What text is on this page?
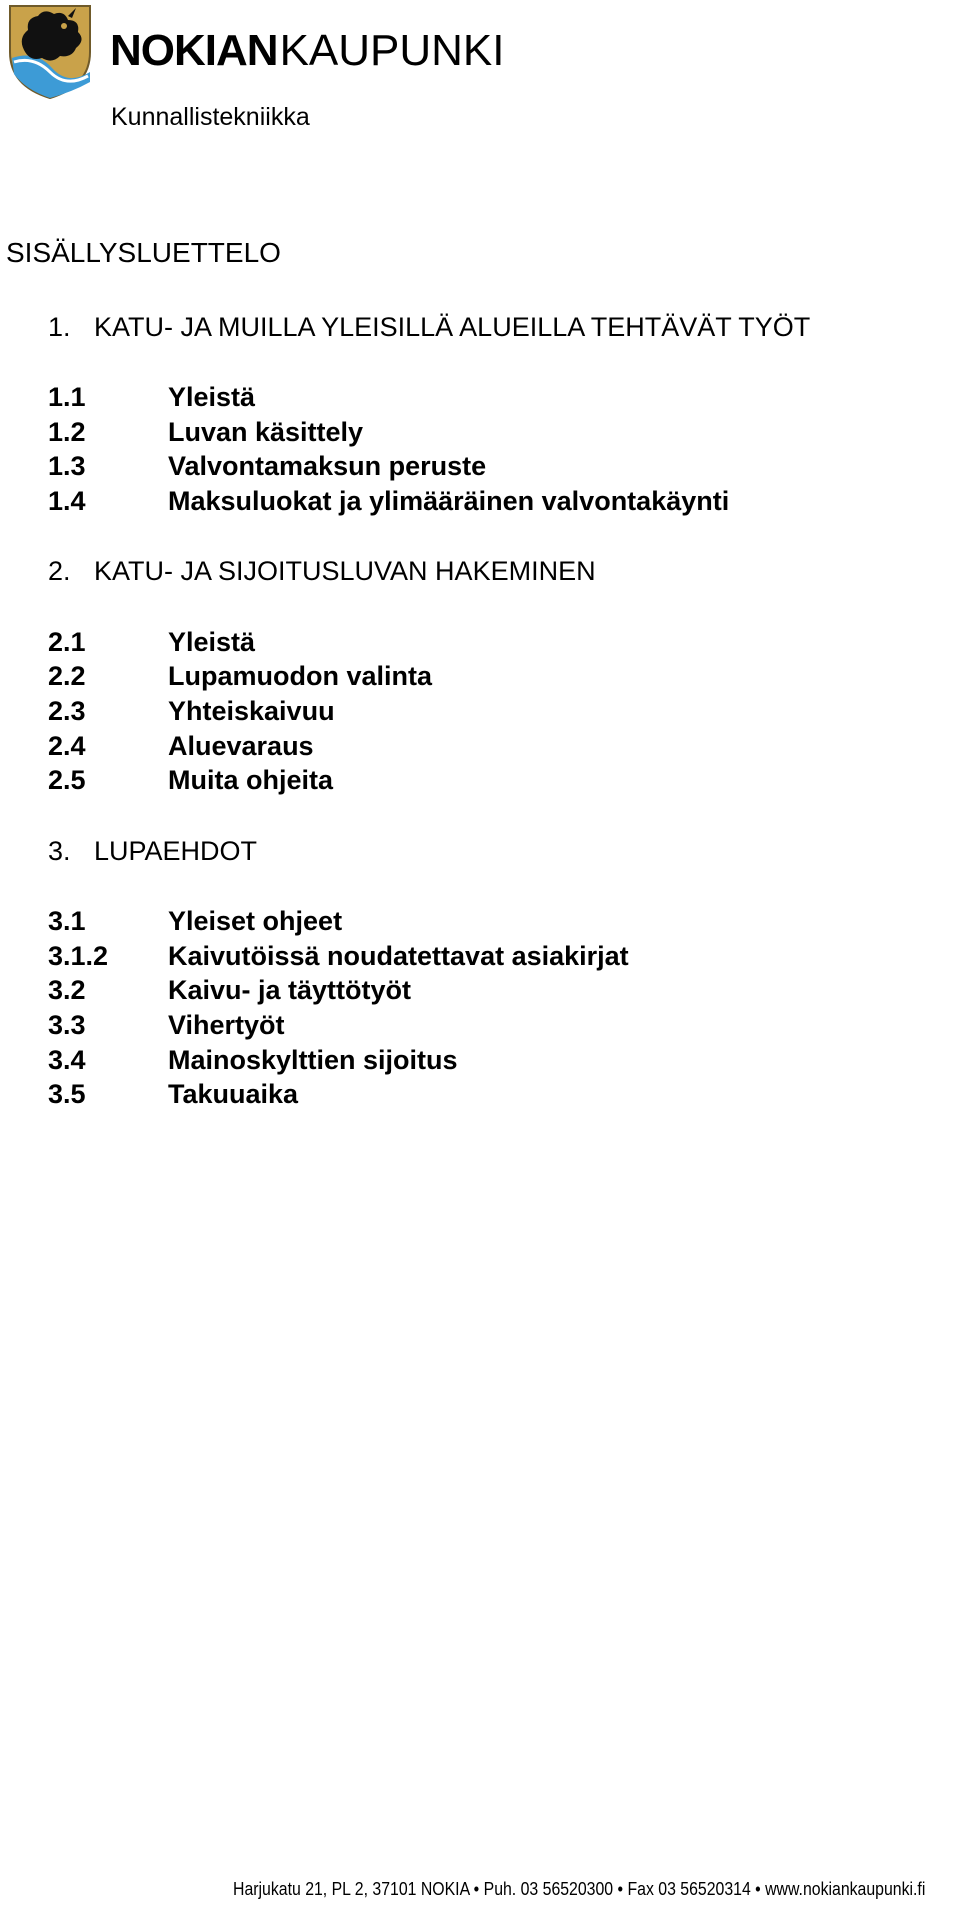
NOKIANKAUPUNKI
Kunnallistekniikka
SISÄLLYSLUETTELO
1. KATU- JA MUILLA YLEISILLÄ ALUEILLA TEHTÄVÄT TYÖT
1.1	Yleistä
1.2	Luvan käsittely
1.3	Valvontamaksun peruste
1.4	Maksuluokat ja ylimääräinen valvontakäynti
2. KATU- JA SIJOITUSLUVAN HAKEMINEN
2.1	Yleistä
2.2	Lupamuodon valinta
2.3	Yhteiskaivuu
2.4	Aluevaraus
2.5	Muita ohjeita
3. LUPAEHDOT
3.1	Yleiset ohjeet
3.1.2 Kaivutöissä noudatettavat asiakirjat
3.2	Kaivu- ja täyttötyöt
3.3	Vihertyöt
3.4	Mainoskylttien sijoitus
3.5	Takuuaika
Harjukatu 21, PL 2, 37101 NOKIA • Puh. 03 56520300 • Fax 03 56520314 • www.nokiankaupunki.fi
